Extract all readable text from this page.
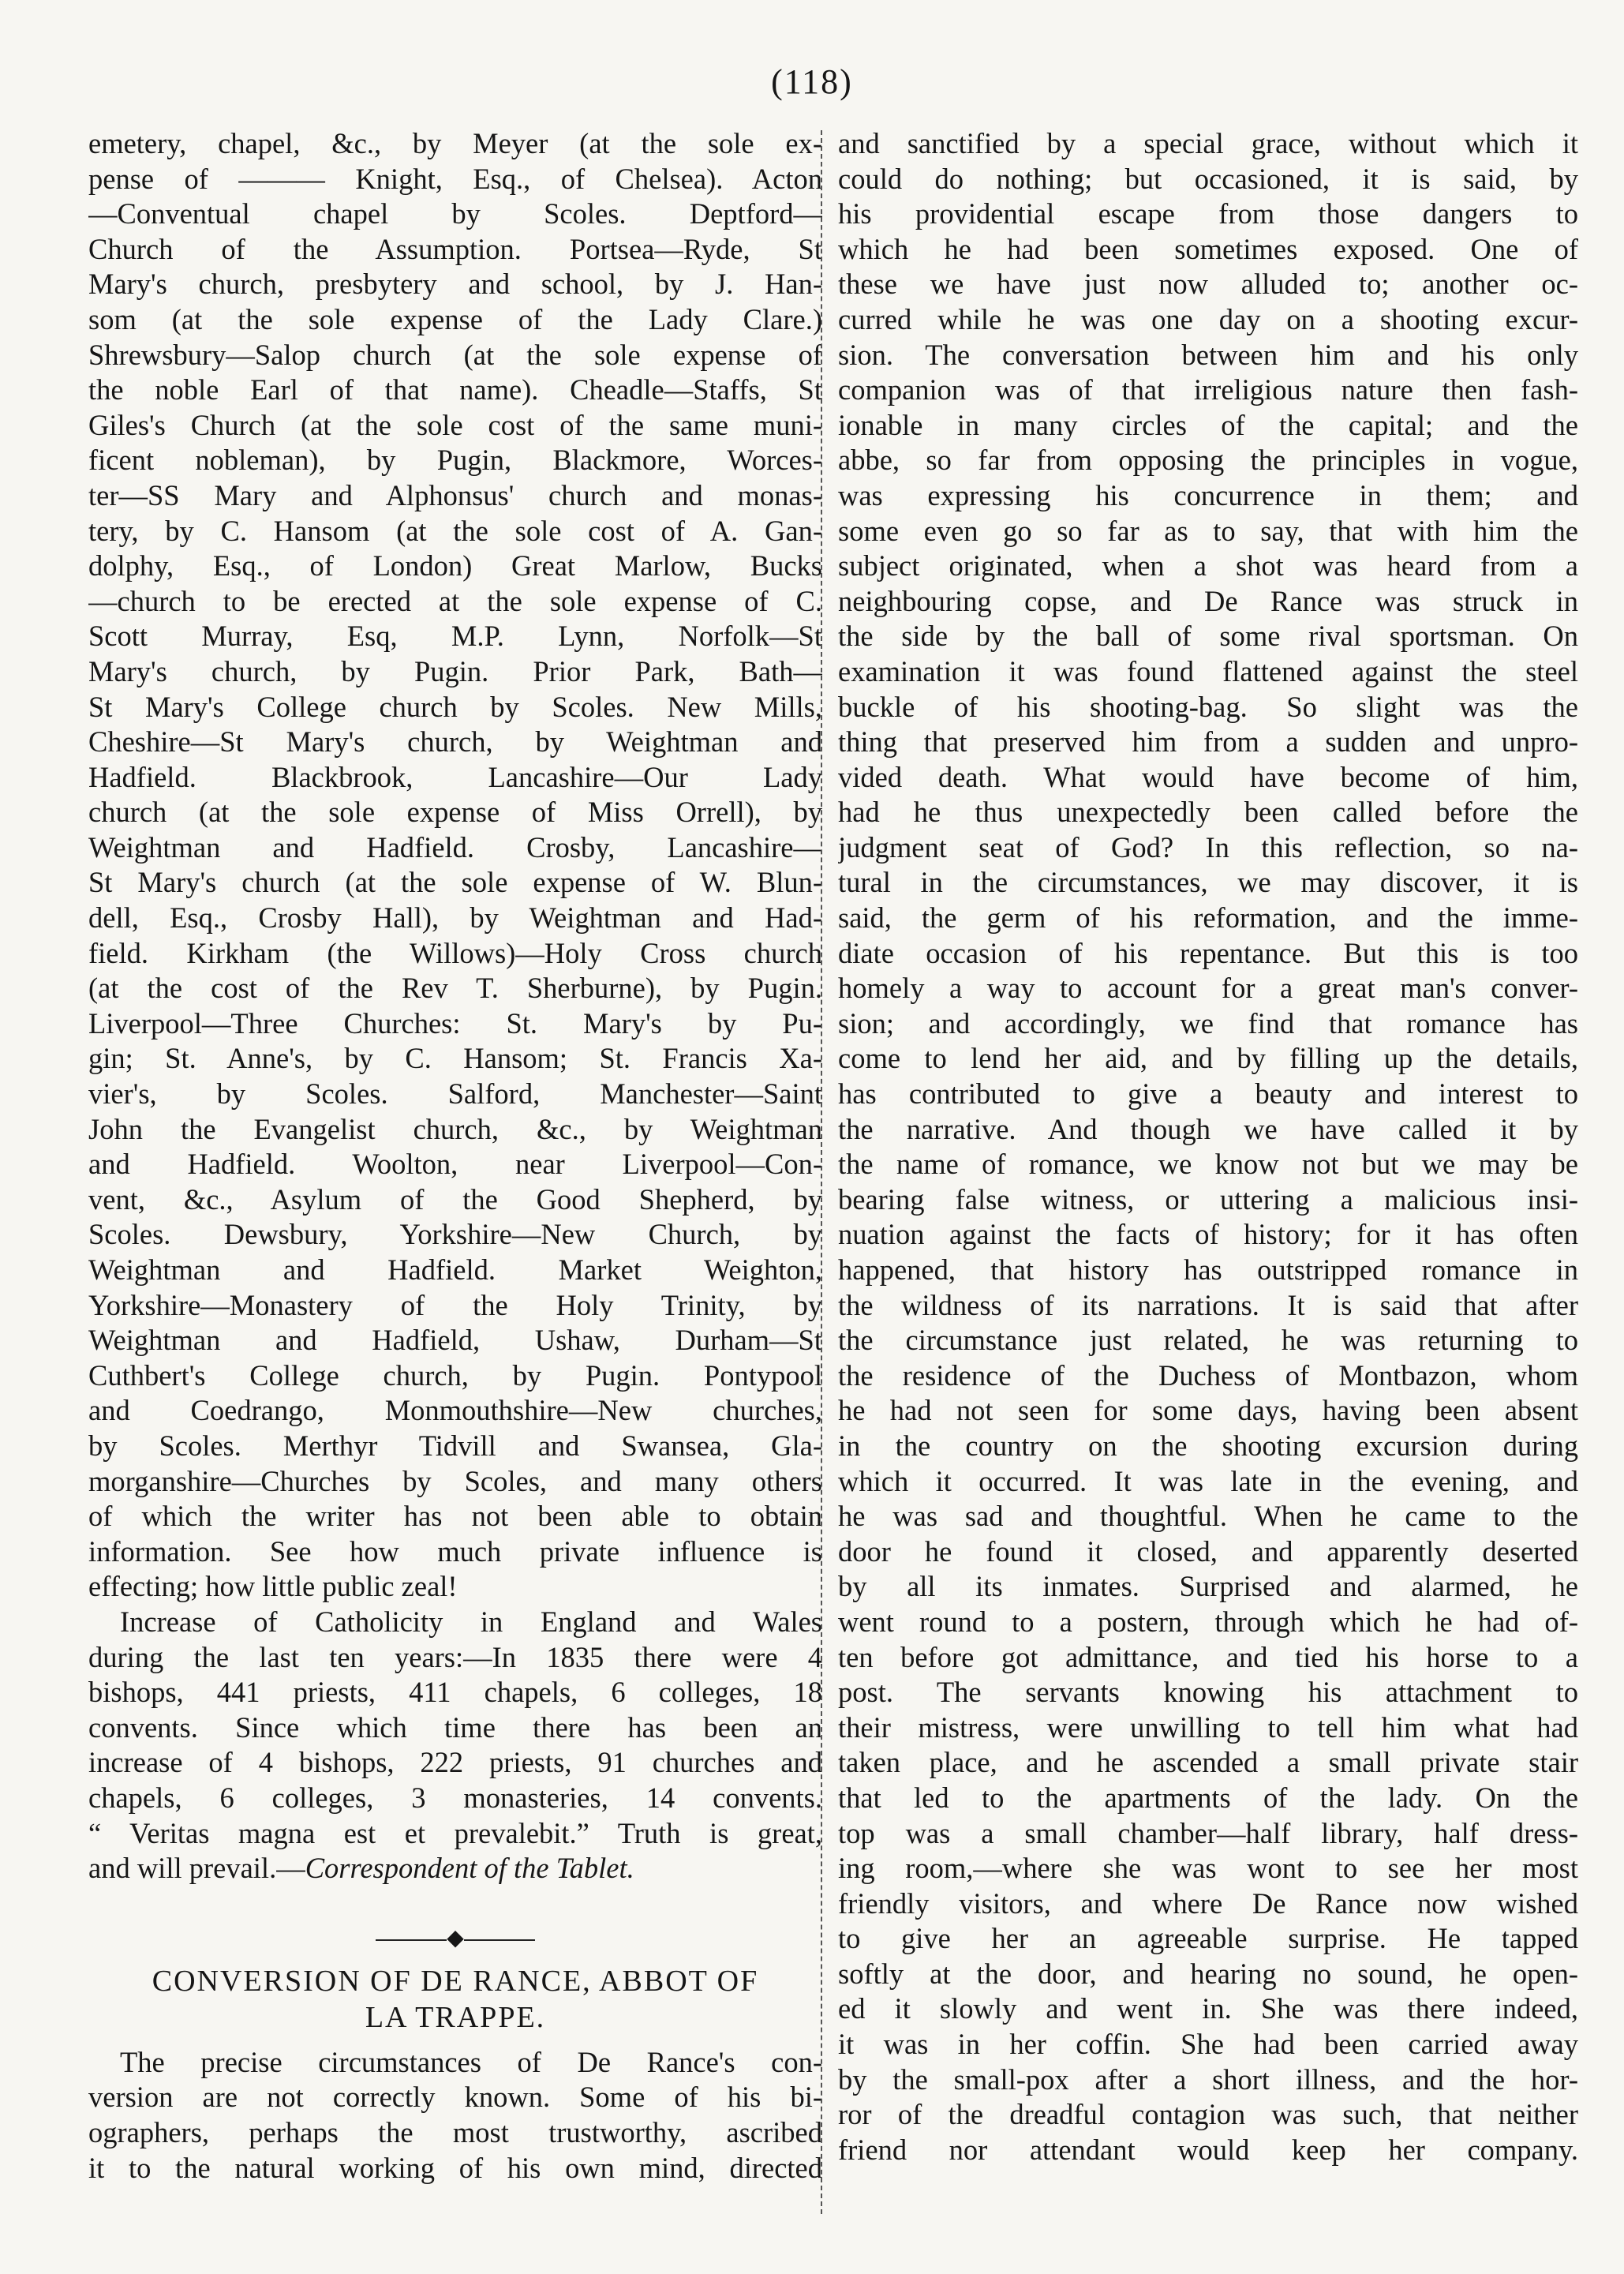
(118)
emetery, chapel, &c., by Meyer (at the sole ex-
pense of ——— Knight, Esq., of Chelsea). Acton
—Conventual chapel by Scoles. Deptford—
Church of the Assumption. Portsea—Ryde, St
Mary's church, presbytery and school, by J. Han-
som (at the sole expense of the Lady Clare.)
Shrewsbury—Salop church (at the sole expense of
the noble Earl of that name). Cheadle—Staffs, St
Giles's Church (at the sole cost of the same muni-
ficent nobleman), by Pugin, Blackmore, Worces-
ter—SS Mary and Alphonsus' church and monas-
tery, by C. Hansom (at the sole cost of A. Gan-
dolphy, Esq., of London) Great Marlow, Bucks
—church to be erected at the sole expense of C.
Scott Murray, Esq, M.P. Lynn, Norfolk—St
Mary's church, by Pugin. Prior Park, Bath—
St Mary's College church by Scoles. New Mills,
Cheshire—St Mary's church, by Weightman and
Hadfield. Blackbrook, Lancashire—Our Lady
church (at the sole expense of Miss Orrell), by
Weightman and Hadfield. Crosby, Lancashire—
St Mary's church (at the sole expense of W. Blun-
dell, Esq., Crosby Hall), by Weightman and Had-
field. Kirkham (the Willows)—Holy Cross church
(at the cost of the Rev T. Sherburne), by Pugin.
Liverpool—Three Churches: St. Mary's by Pu-
gin; St. Anne's, by C. Hansom; St. Francis Xa-
vier's, by Scoles. Salford, Manchester—Saint
John the Evangelist church, &c., by Weightman
and Hadfield. Woolton, near Liverpool—Con-
vent, &c., Asylum of the Good Shepherd, by
Scoles. Dewsbury, Yorkshire—New Church, by
Weightman and Hadfield. Market Weighton,
Yorkshire—Monastery of the Holy Trinity, by
Weightman and Hadfield, Ushaw, Durham—St
Cuthbert's College church, by Pugin. Pontypool
and Coedrango, Monmouthshire—New churches,
by Scoles. Merthyr Tidvill and Swansea, Gla-
morganshire—Churches by Scoles, and many others
of which the writer has not been able to obtain
information. See how much private influence is
effecting; how little public zeal!
Increase of Catholicity in England and Wales
during the last ten years:—In 1835 there were 4
bishops, 441 priests, 411 chapels, 6 colleges, 18
convents. Since which time there has been an
increase of 4 bishops, 222 priests, 91 churches and
chapels, 6 colleges, 3 monasteries, 14 convents.
“ Veritas magna est et prevalebit.” Truth is great,
and will prevail.—Correspondent of the Tablet.
◆
CONVERSION OF DE RANCE, ABBOT OF
LA TRAPPE.
The precise circumstances of De Rance's con-
version are not correctly known. Some of his bi-
ographers, perhaps the most trustworthy, ascribed
it to the natural working of his own mind, directed
and sanctified by a special grace, without which it
could do nothing; but occasioned, it is said, by
his providential escape from those dangers to
which he had been sometimes exposed. One of
these we have just now alluded to; another oc-
curred while he was one day on a shooting excur-
sion. The conversation between him and his only
companion was of that irreligious nature then fash-
ionable in many circles of the capital; and the
abbe, so far from opposing the principles in vogue,
was expressing his concurrence in them; and
some even go so far as to say, that with him the
subject originated, when a shot was heard from a
neighbouring copse, and De Rance was struck in
the side by the ball of some rival sportsman. On
examination it was found flattened against the steel
buckle of his shooting-bag. So slight was the
thing that preserved him from a sudden and unpro-
vided death. What would have become of him,
had he thus unexpectedly been called before the
judgment seat of God? In this reflection, so na-
tural in the circumstances, we may discover, it is
said, the germ of his reformation, and the imme-
diate occasion of his repentance. But this is too
homely a way to account for a great man's conver-
sion; and accordingly, we find that romance has
come to lend her aid, and by filling up the details,
has contributed to give a beauty and interest to
the narrative. And though we have called it by
the name of romance, we know not but we may be
bearing false witness, or uttering a malicious insi-
nuation against the facts of history; for it has often
happened, that history has outstripped romance in
the wildness of its narrations. It is said that after
the circumstance just related, he was returning to
the residence of the Duchess of Montbazon, whom
he had not seen for some days, having been absent
in the country on the shooting excursion during
which it occurred. It was late in the evening, and
he was sad and thoughtful. When he came to the
door he found it closed, and apparently deserted
by all its inmates. Surprised and alarmed, he
went round to a postern, through which he had of-
ten before got admittance, and tied his horse to a
post. The servants knowing his attachment to
their mistress, were unwilling to tell him what had
taken place, and he ascended a small private stair
that led to the apartments of the lady. On the
top was a small chamber—half library, half dress-
ing room,—where she was wont to see her most
friendly visitors, and where De Rance now wished
to give her an agreeable surprise. He tapped
softly at the door, and hearing no sound, he open-
ed it slowly and went in. She was there indeed,
it was in her coffin. She had been carried away
by the small-pox after a short illness, and the hor-
ror of the dreadful contagion was such, that neither
friend nor attendant would keep her company.
